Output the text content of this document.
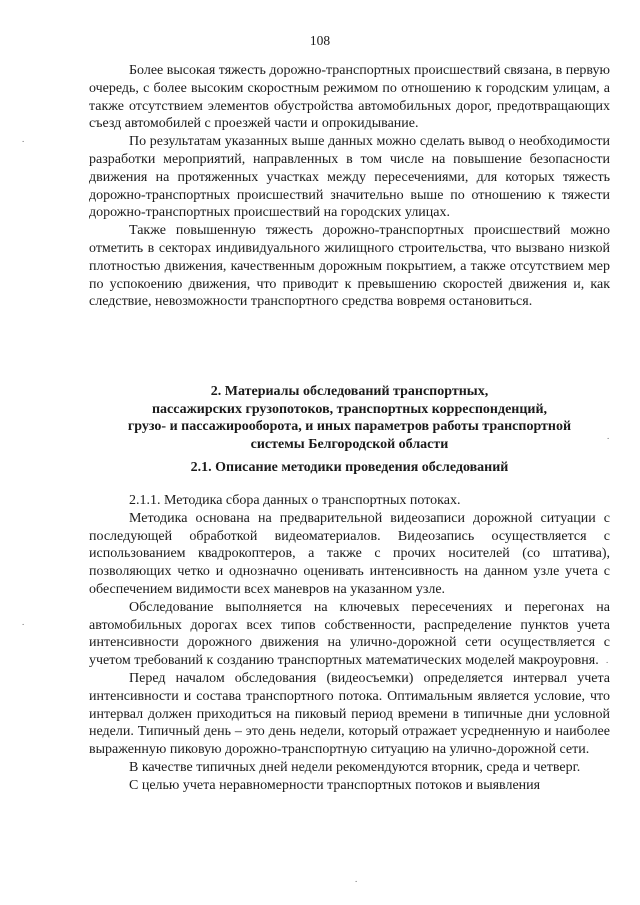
108

Более высокая тяжесть дорожно-транспортных происшествий связана, в первую очередь, с более высоким скоростным режимом по отношению к городским улицам, а также отсутствием элементов обустройства автомобильных дорог, предотвращающих съезд автомобилей с проезжей части и опрокидывание.

По результатам указанных выше данных можно сделать вывод о необходимости разработки мероприятий, направленных в том числе на повышение безопасности движения на протяженных участках между пересечениями, для которых тяжесть дорожно-транспортных происшествий значительно выше по отношению к тяжести дорожно-транспортных происшествий на городских улицах.

Также повышенную тяжесть дорожно-транспортных происшествий можно отметить в секторах индивидуального жилищного строительства, что вызвано низкой плотностью движения, качественным дорожным покрытием, а также отсутствием мер по успокоению движения, что приводит к превышению скоростей движения и, как следствие, невозможности транспортного средства вовремя остановиться.

2. Материалы обследований транспортных,

пассажирских грузопотоков, транспортных корреспонденций,

грузо- и пассажирооборота, и иных параметров работы транспортной

системы Белгородской области

2.1. Описание методики проведения обследований

2.1.1. Методика сбора данных о транспортных потоках.

Методика основана на предварительной видеозаписи дорожной ситуации с последующей обработкой видеоматериалов. Видеозапись осуществляется с использованием квадрокоптеров, а также с прочих носителей (со штатива), позволяющих четко и однозначно оценивать интенсивность на данном узле учета с обеспечением видимости всех маневров на указанном узле.

Обследование выполняется на ключевых пересечениях и перегонах на автомобильных дорогах всех типов собственности, распределение пунктов учета интенсивности дорожного движения на улично-дорожной сети осуществляется с учетом требований к созданию транспортных математических моделей макроуровня.

Перед началом обследования (видеосъемки) определяется интервал учета интенсивности и состава транспортного потока. Оптимальным является условие, что интервал должен приходиться на пиковый период времени в типичные дни условной недели. Типичный день – это день недели, который отражает усредненную и наиболее выраженную пиковую дорожно-транспортную ситуацию на улично-дорожной сети.

В качестве типичных дней недели рекомендуются вторник, среда и четверг.

С целью учета неравномерности транспортных потоков и выявления

.
.
.
.
.
